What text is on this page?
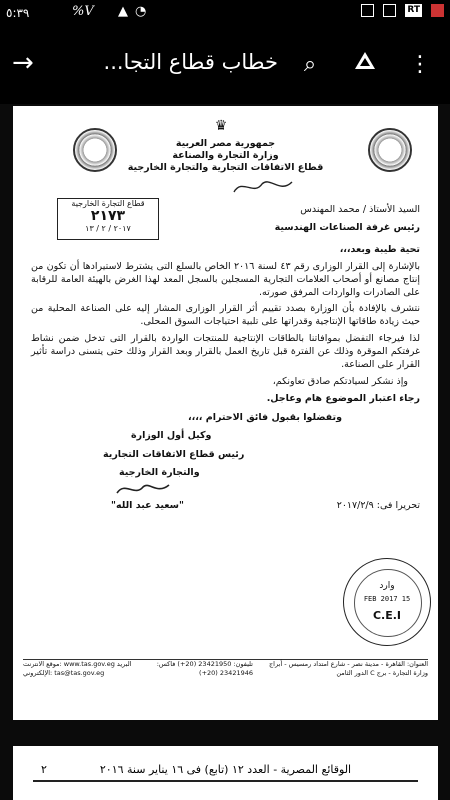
٥:٣٩	%V ▲ ◔	RT
→	⌕	⋮
خطاب قطاع التجا...
♛
جمهورية مصر العربية
وزارة التجارة والصناعة
قطاع الاتفاقات التجارية والتجارة الخارجية
قطاع التجارة الخارجية
٢١٧٣
٢٠١٧ / ٢ / ١٣
السيد الأستاذ / محمد المهندس
رئيس غرفة الصناعات الهندسية
تحية طيبة وبعد،،،
بالإشارة إلى القرار الوزارى رقم ٤٣ لسنة ٢٠١٦ الخاص بالسلع التى يشترط لاستيرادها أن تكون من إنتاج مصانع أو أصحاب العلامات التجارية المسجلين بالسجل المعد لهذا الغرض بالهيئة العامة للرقابة على الصادرات والواردات المرفق صورته.
نتشرف بالإفادة بأن الوزارة بصدد تقييم أثر القرار الوزارى المشار إليه على الصناعة المحلية من حيث زيادة طاقاتها الإنتاجية وقدراتها على تلبية احتياجات السوق المحلى.
لذا فيرجاء التفضل بموافاتنا بالطاقات الإنتاجية للمنتجات الواردة بالقرار التى تدخل ضمن نشاط غرفتكم الموقرة وذلك عن الفترة قبل تاريخ العمل بالقرار وبعد القرار وذلك حتى يتسنى دراسة تأثير القرار على الصناعة.
وإذ نشكر لسيادتكم صادق تعاونكم،
رجاء اعتبار الموضوع هام وعاجل.
وتفضلوا بقبول فائق الاحترام ،،،،
وكيل أول الوزارة
رئيس قطاع الاتفاقات التجارية
والتجارة الخارجية
"سعيد عبد الله"	تحريرا فى: ٢٠١٧/٢/٩
وارد
15 FEB 2017
C.E.I
موقع الانترنت: www.tas.gov.eg البريد الإلكتروني: tas@tas.gov.eg
تليفون: 23421950 (20+) فاكس: 23421946 (20+)
العنوان: القاهرة - مدينة نصر - شارع امتداد رمسيس - أبراج وزارة التجارة - برج C الدور الثامن
الوقائع المصرية - العدد ١٢ (تابع) فى ١٦ يناير سنة ٢٠١٦
٢
